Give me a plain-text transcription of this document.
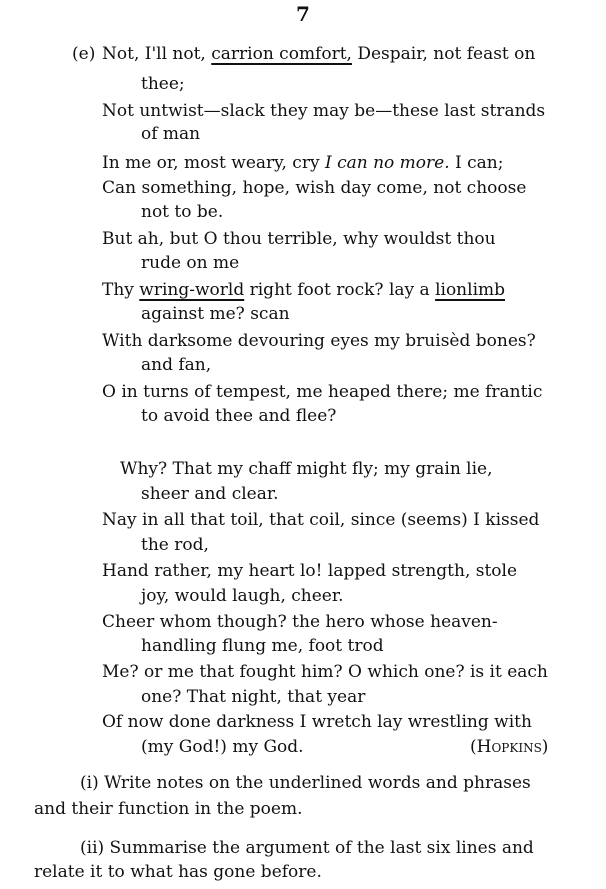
7
(e) Not, I'll not, carrion comfort, Despair, not feast on
thee;
Not untwist—slack they may be—these last strands
of man
In me or, most weary, cry I can no more. I can;
Can something, hope, wish day come, not choose
not to be.
But ah, but O thou terrible, why wouldst thou
rude on me
Thy wring-world right foot rock? lay a lionlimb
against me? scan
With darksome devouring eyes my bruisèd bones?
and fan,
O in turns of tempest, me heaped there; me frantic
to avoid thee and flee?
Why? That my chaff might fly; my grain lie,
sheer and clear.
Nay in all that toil, that coil, since (seems) I kissed
the rod,
Hand rather, my heart lo! lapped strength, stole
joy, would laugh, cheer.
Cheer whom though? the hero whose heaven-
handling flung me, foot trod
Me? or me that fought him? O which one? is it each
one? That night, that year
Of now done darkness I wretch lay wrestling with
(my God!) my God.	(Hopkins)
(i) Write notes on the underlined words and phrases
and their function in the poem.
(ii) Summarise the argument of the last six lines and
relate it to what has gone before.
